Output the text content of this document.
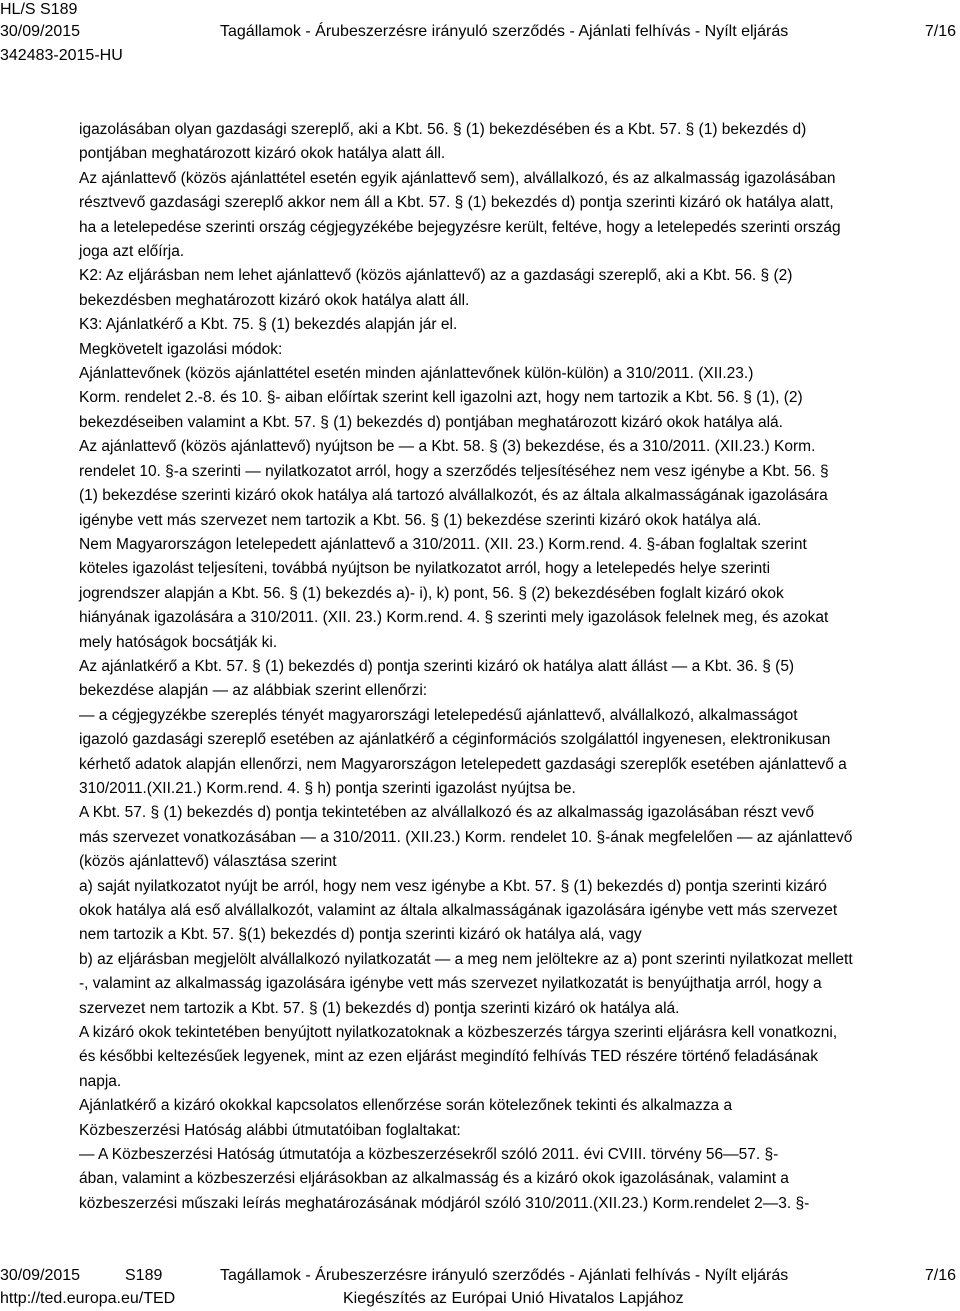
HL/S S189
30/09/2015	Tagállamok - Árubeszerzésre irányuló szerződés - Ajánlati felhívás - Nyílt eljárás	7/16
342483-2015-HU

igazolásában olyan gazdasági szereplő, aki a Kbt. 56. § (1) bekezdésében és a Kbt. 57. § (1) bekezdés d)

pontjában meghatározott kizáró okok hatálya alatt áll.

Az ajánlattevő (közös ajánlattétel esetén egyik ajánlattevő sem), alvállalkozó, és az alkalmasság igazolásában

résztvevő gazdasági szereplő akkor nem áll a Kbt. 57. § (1) bekezdés d) pontja szerinti kizáró ok hatálya alatt,

ha a letelepedése szerinti ország cégjegyzékébe bejegyzésre került, feltéve, hogy a letelepedés szerinti ország

joga azt előírja.

K2: Az eljárásban nem lehet ajánlattevő (közös ajánlattevő) az a gazdasági szereplő, aki a Kbt. 56. § (2)

bekezdésben meghatározott kizáró okok hatálya alatt áll.

K3: Ajánlatkérő a Kbt. 75. § (1) bekezdés alapján jár el.

Megkövetelt igazolási módok:

Ajánlattevőnek (közös ajánlattétel esetén minden ajánlattevőnek külön-külön) a 310/2011. (XII.23.)

Korm. rendelet 2.-8. és 10. §- aiban előírtak szerint kell igazolni azt, hogy nem tartozik a Kbt. 56. § (1), (2)

bekezdéseiben valamint a Kbt. 57. § (1) bekezdés d) pontjában meghatározott kizáró okok hatálya alá.

Az ajánlattevő (közös ajánlattevő) nyújtson be — a Kbt. 58. § (3) bekezdése, és a 310/2011. (XII.23.) Korm.

rendelet 10. §-a szerinti — nyilatkozatot arról, hogy a szerződés teljesítéséhez nem vesz igénybe a Kbt. 56. §

(1) bekezdése szerinti kizáró okok hatálya alá tartozó alvállalkozót, és az általa alkalmasságának igazolására

igénybe vett más szervezet nem tartozik a Kbt. 56. § (1) bekezdése szerinti kizáró okok hatálya alá.

Nem Magyarországon letelepedett ajánlattevő a 310/2011. (XII. 23.) Korm.rend. 4. §-ában foglaltak szerint

köteles igazolást teljesíteni, továbbá nyújtson be nyilatkozatot arról, hogy a letelepedés helye szerinti

jogrendszer alapján a Kbt. 56. § (1) bekezdés a)- i), k) pont, 56. § (2) bekezdésében foglalt kizáró okok

hiányának igazolására a 310/2011. (XII. 23.) Korm.rend. 4. § szerinti mely igazolások felelnek meg, és azokat

mely hatóságok bocsátják ki.

Az ajánlatkérő a Kbt. 57. § (1) bekezdés d) pontja szerinti kizáró ok hatálya alatt állást — a Kbt. 36. § (5)

bekezdése alapján — az alábbiak szerint ellenőrzi:

— a cégjegyzékbe szereplés tényét magyarországi letelepedésű ajánlattevő, alvállalkozó, alkalmasságot

igazoló gazdasági szereplő esetében az ajánlatkérő a céginformációs szolgálattól ingyenesen, elektronikusan

kérhető adatok alapján ellenőrzi, nem Magyarországon letelepedett gazdasági szereplők esetében ajánlattevő a

310/2011.(XII.21.) Korm.rend. 4. § h) pontja szerinti igazolást nyújtsa be.

A Kbt. 57. § (1) bekezdés d) pontja tekintetében az alvállalkozó és az alkalmasság igazolásában részt vevő

más szervezet vonatkozásában — a 310/2011. (XII.23.) Korm. rendelet 10. §-ának megfelelően — az ajánlattevő

(közös ajánlattevő) választása szerint

a) saját nyilatkozatot nyújt be arról, hogy nem vesz igénybe a Kbt. 57. § (1) bekezdés d) pontja szerinti kizáró

okok hatálya alá eső alvállalkozót, valamint az általa alkalmasságának igazolására igénybe vett más szervezet

nem tartozik a Kbt. 57. §(1) bekezdés d) pontja szerinti kizáró ok hatálya alá, vagy

b) az eljárásban megjelölt alvállalkozó nyilatkozatát — a meg nem jelöltekre az a) pont szerinti nyilatkozat mellett

-, valamint az alkalmasság igazolására igénybe vett más szervezet nyilatkozatát is benyújthatja arról, hogy a

szervezet nem tartozik a Kbt. 57. § (1) bekezdés d) pontja szerinti kizáró ok hatálya alá.

A kizáró okok tekintetében benyújtott nyilatkozatoknak a közbeszerzés tárgya szerinti eljárásra kell vonatkozni,

és későbbi keltezésűek legyenek, mint az ezen eljárást megindító felhívás TED részére történő feladásának

napja.

Ajánlatkérő a kizáró okokkal kapcsolatos ellenőrzése során kötelezőnek tekinti és alkalmazza a

Közbeszerzési Hatóság alábbi útmutatóiban foglaltakat:

— A Közbeszerzési Hatóság útmutatója a közbeszerzésekről szóló 2011. évi CVIII. törvény 56—57. §-

ában, valamint a közbeszerzési eljárásokban az alkalmasság és a kizáró okok igazolásának, valamint a

közbeszerzési műszaki leírás meghatározásának módjáról szóló 310/2011.(XII.23.) Korm.rendelet 2—3. §-

30/09/2015	S189	Tagállamok - Árubeszerzésre irányuló szerződés - Ajánlati felhívás - Nyílt eljárás	7/16
http://ted.europa.eu/TED	Kiegészítés az Európai Unió Hivatalos Lapjához
